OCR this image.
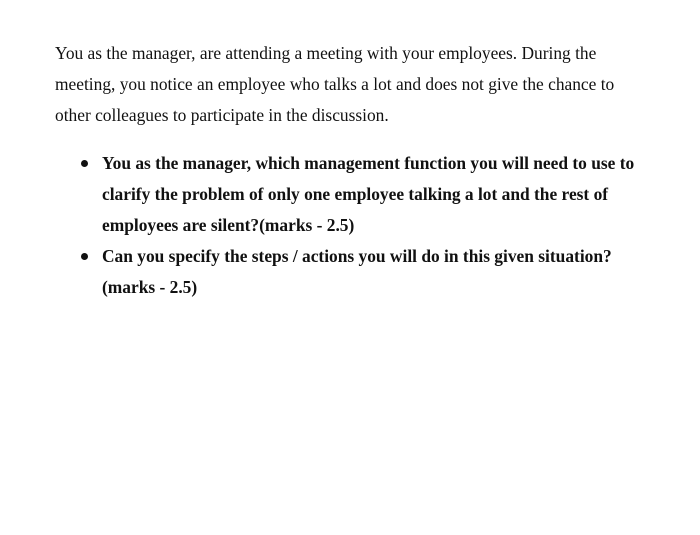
You as the manager, are attending a meeting with your employees. During the

meeting, you notice an employee who talks a lot and does not give the chance to

other colleagues to participate in the discussion.

You as the manager, which management function you will need to use to
clarify the problem of only one employee talking a lot and the rest of
employees are silent?(marks - 2.5)
Can you specify the steps / actions you will do in this given situation?
(marks - 2.5)
